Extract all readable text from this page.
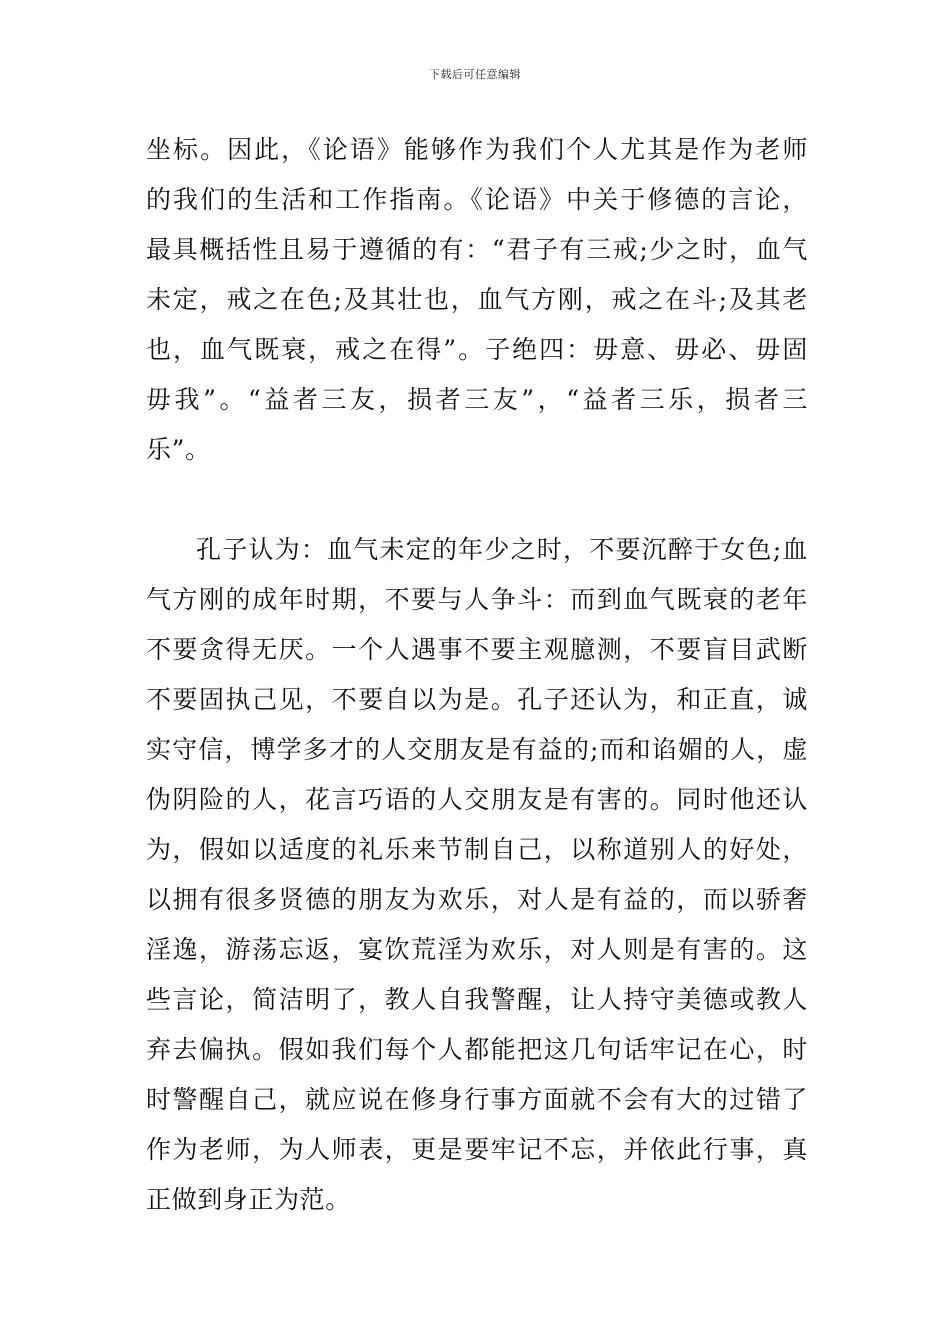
下载后可任意编辑
坐标。因此，《论语》能够作为我们个人尤其是作为老师
的我们的生活和工作指南。《论语》中关于修德的言论，
最具概括性且易于遵循的有：“君子有三戒;少之时，血气
未定，戒之在色;及其壮也，血气方刚，戒之在斗;及其老
也，血气既衰，戒之在得”。子绝四：毋意、毋必、毋固
毋我”。“益者三友，损者三友”，“益者三乐，损者三
乐”。
孔子认为：血气未定的年少之时，不要沉醉于女色;血
气方刚的成年时期，不要与人争斗：而到血气既衰的老年
不要贪得无厌。一个人遇事不要主观臆测，不要盲目武断
不要固执己见，不要自以为是。孔子还认为，和正直，诚
实守信，博学多才的人交朋友是有益的;而和谄媚的人，虚
伪阴险的人，花言巧语的人交朋友是有害的。同时他还认
为，假如以适度的礼乐来节制自己，以称道别人的好处，
以拥有很多贤德的朋友为欢乐，对人是有益的，而以骄奢
淫逸，游荡忘返，宴饮荒淫为欢乐，对人则是有害的。这
些言论，简洁明了，教人自我警醒，让人持守美德或教人
弃去偏执。假如我们每个人都能把这几句话牢记在心，时
时警醒自己，就应说在修身行事方面就不会有大的过错了
作为老师，为人师表，更是要牢记不忘，并依此行事，真
正做到身正为范。
